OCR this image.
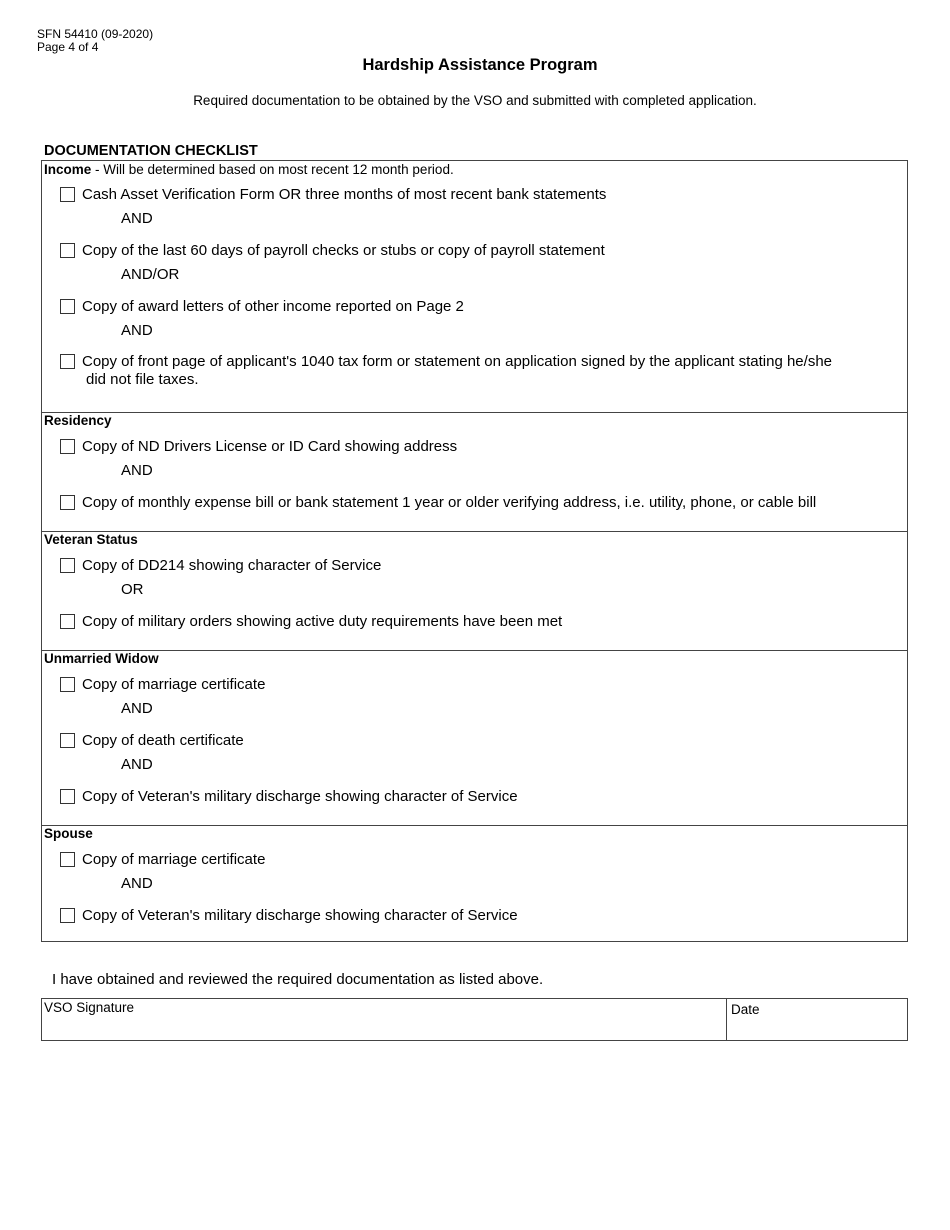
SFN 54410 (09-2020)
Page 4 of 4
Hardship Assistance Program
Required documentation to be obtained by the VSO and submitted with completed application.
DOCUMENTATION CHECKLIST
Income - Will be determined based on most recent 12 month period.
Cash Asset Verification Form OR three months of most recent bank statements
AND
Copy of the last 60 days of payroll checks or stubs or copy of payroll statement
AND/OR
Copy of award letters of other income reported on Page 2
AND
Copy of front page of applicant's 1040 tax form or statement on application signed by the applicant stating he/she
did not file taxes.
Residency
Copy of ND Drivers License or ID Card showing address
AND
Copy of monthly expense bill or bank statement 1 year or older verifying address, i.e. utility, phone, or cable bill
Veteran Status
Copy of DD214 showing character of Service
OR
Copy of military orders showing active duty requirements have been met
Unmarried Widow
Copy of marriage certificate
AND
Copy of death certificate
AND
Copy of Veteran's military discharge showing character of Service
Spouse
Copy of marriage certificate
AND
Copy of Veteran's military discharge showing character of Service
I have obtained and reviewed the required documentation as listed above.
VSO Signature	Date
